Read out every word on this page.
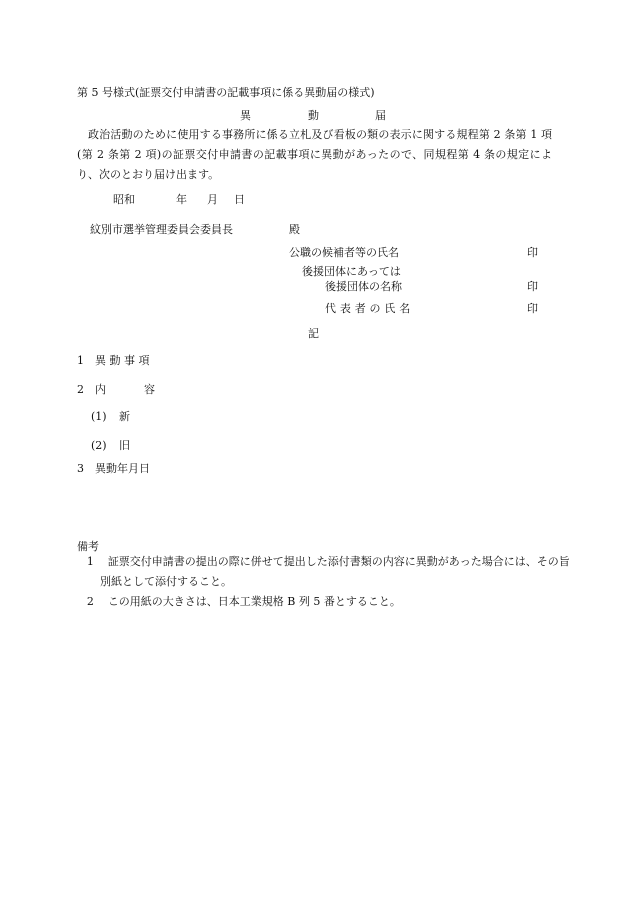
第 5 号様式(証票交付申請書の記載事項に係る異動届の様式)
異	動	届
政治活動のために使用する事務所に係る立札及び看板の類の表示に関する規程第 2 条第 1 項(第 2 条第 2 項)の証票交付申請書の記載事項に異動があったので、同規程第 4 条の規定により、次のとおり届け出ます。
昭和	年 月 日
紋別市選挙管理委員会委員長	殿
公職の候補者等の氏名	印
後援団体にあっては
後援団体の名称	印
代表者の氏名	印
記
1 異 動 事 項
2 内	容
(1) 新
(2) 旧
3 異動年月日
備考
1 証票交付申請書の提出の際に併せて提出した添付書類の内容に異動があった場合には、その旨別紙として添付すること。
2 この用紙の大きさは、日本工業規格 B 列 5 番とすること。
